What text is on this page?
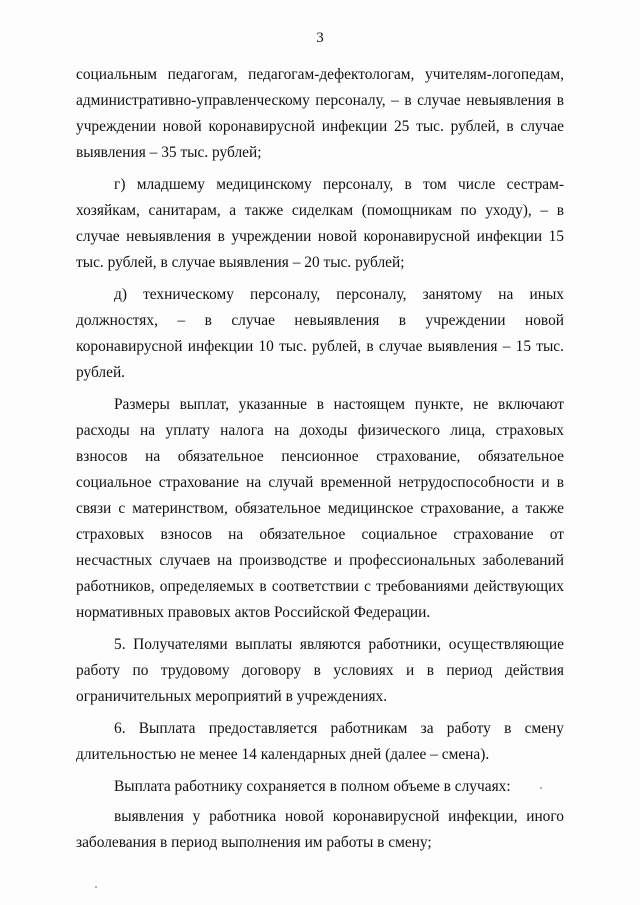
3

социальным педагогам, педагогам-дефектологам, учителям-логопедам, административно-управленческому персоналу, – в случае невыявления в учреждении новой коронавирусной инфекции 25 тыс. рублей, в случае выявления – 35 тыс. рублей;

г) младшему медицинскому персоналу, в том числе сестрам-хозяйкам, санитарам, а также сиделкам (помощникам по уходу), – в случае невыявления в учреждении новой коронавирусной инфекции 15 тыс. рублей, в случае выявления – 20 тыс. рублей;

д) техническому персоналу, персоналу, занятому на иных должностях, – в случае невыявления в учреждении новой коронавирусной инфекции 10 тыс. рублей, в случае выявления – 15 тыс. рублей.

Размеры выплат, указанные в настоящем пункте, не включают расходы на уплату налога на доходы физического лица, страховых взносов на обязательное пенсионное страхование, обязательное социальное страхование на случай временной нетрудоспособности и в связи с материнством, обязательное медицинское страхование, а также страховых взносов на обязательное социальное страхование от несчастных случаев на производстве и профессиональных заболеваний работников, определяемых в соответствии с требованиями действующих нормативных правовых актов Российской Федерации.

5. Получателями выплаты являются работники, осуществляющие работу по трудовому договору в условиях и в период действия ограничительных мероприятий в учреждениях.

6. Выплата предоставляется работникам за работу в смену длительностью не менее 14 календарных дней (далее – смена).

Выплата работнику сохраняется в полном объеме в случаях:

выявления у работника новой коронавирусной инфекции, иного заболевания в период выполнения им работы в смену;
